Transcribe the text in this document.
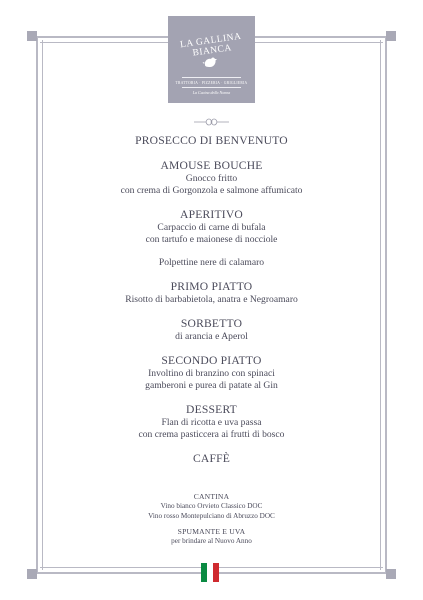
LA GALLINA BIANCA
TRATTORIA · PIZZERIA · GRIGLIERIA
La Cucina della Nonna
PROSECCO DI BENVENUTO
AMOUSE BOUCHE
Gnocco fritto
con crema di Gorgonzola e salmone affumicato
APERITIVO
Carpaccio di carne di bufala
con tartufo e maionese di nocciole
Polpettine nere di calamaro
PRIMO PIATTO
Risotto di barbabietola, anatra e Negroamaro
SORBETTO
di arancia e Aperol
SECONDO PIATTO
Involtino di branzino con spinaci
gamberoni e purea di patate al Gin
DESSERT
Flan di ricotta e uva passa
con crema pasticcera ai frutti di bosco
CAFFÈ
CANTINA
Vino bianco Orvieto Classico DOC
Vino rosso Montepulciano di Abruzzo DOC
SPUMANTE E UVA
per brindare al Nuovo Anno
